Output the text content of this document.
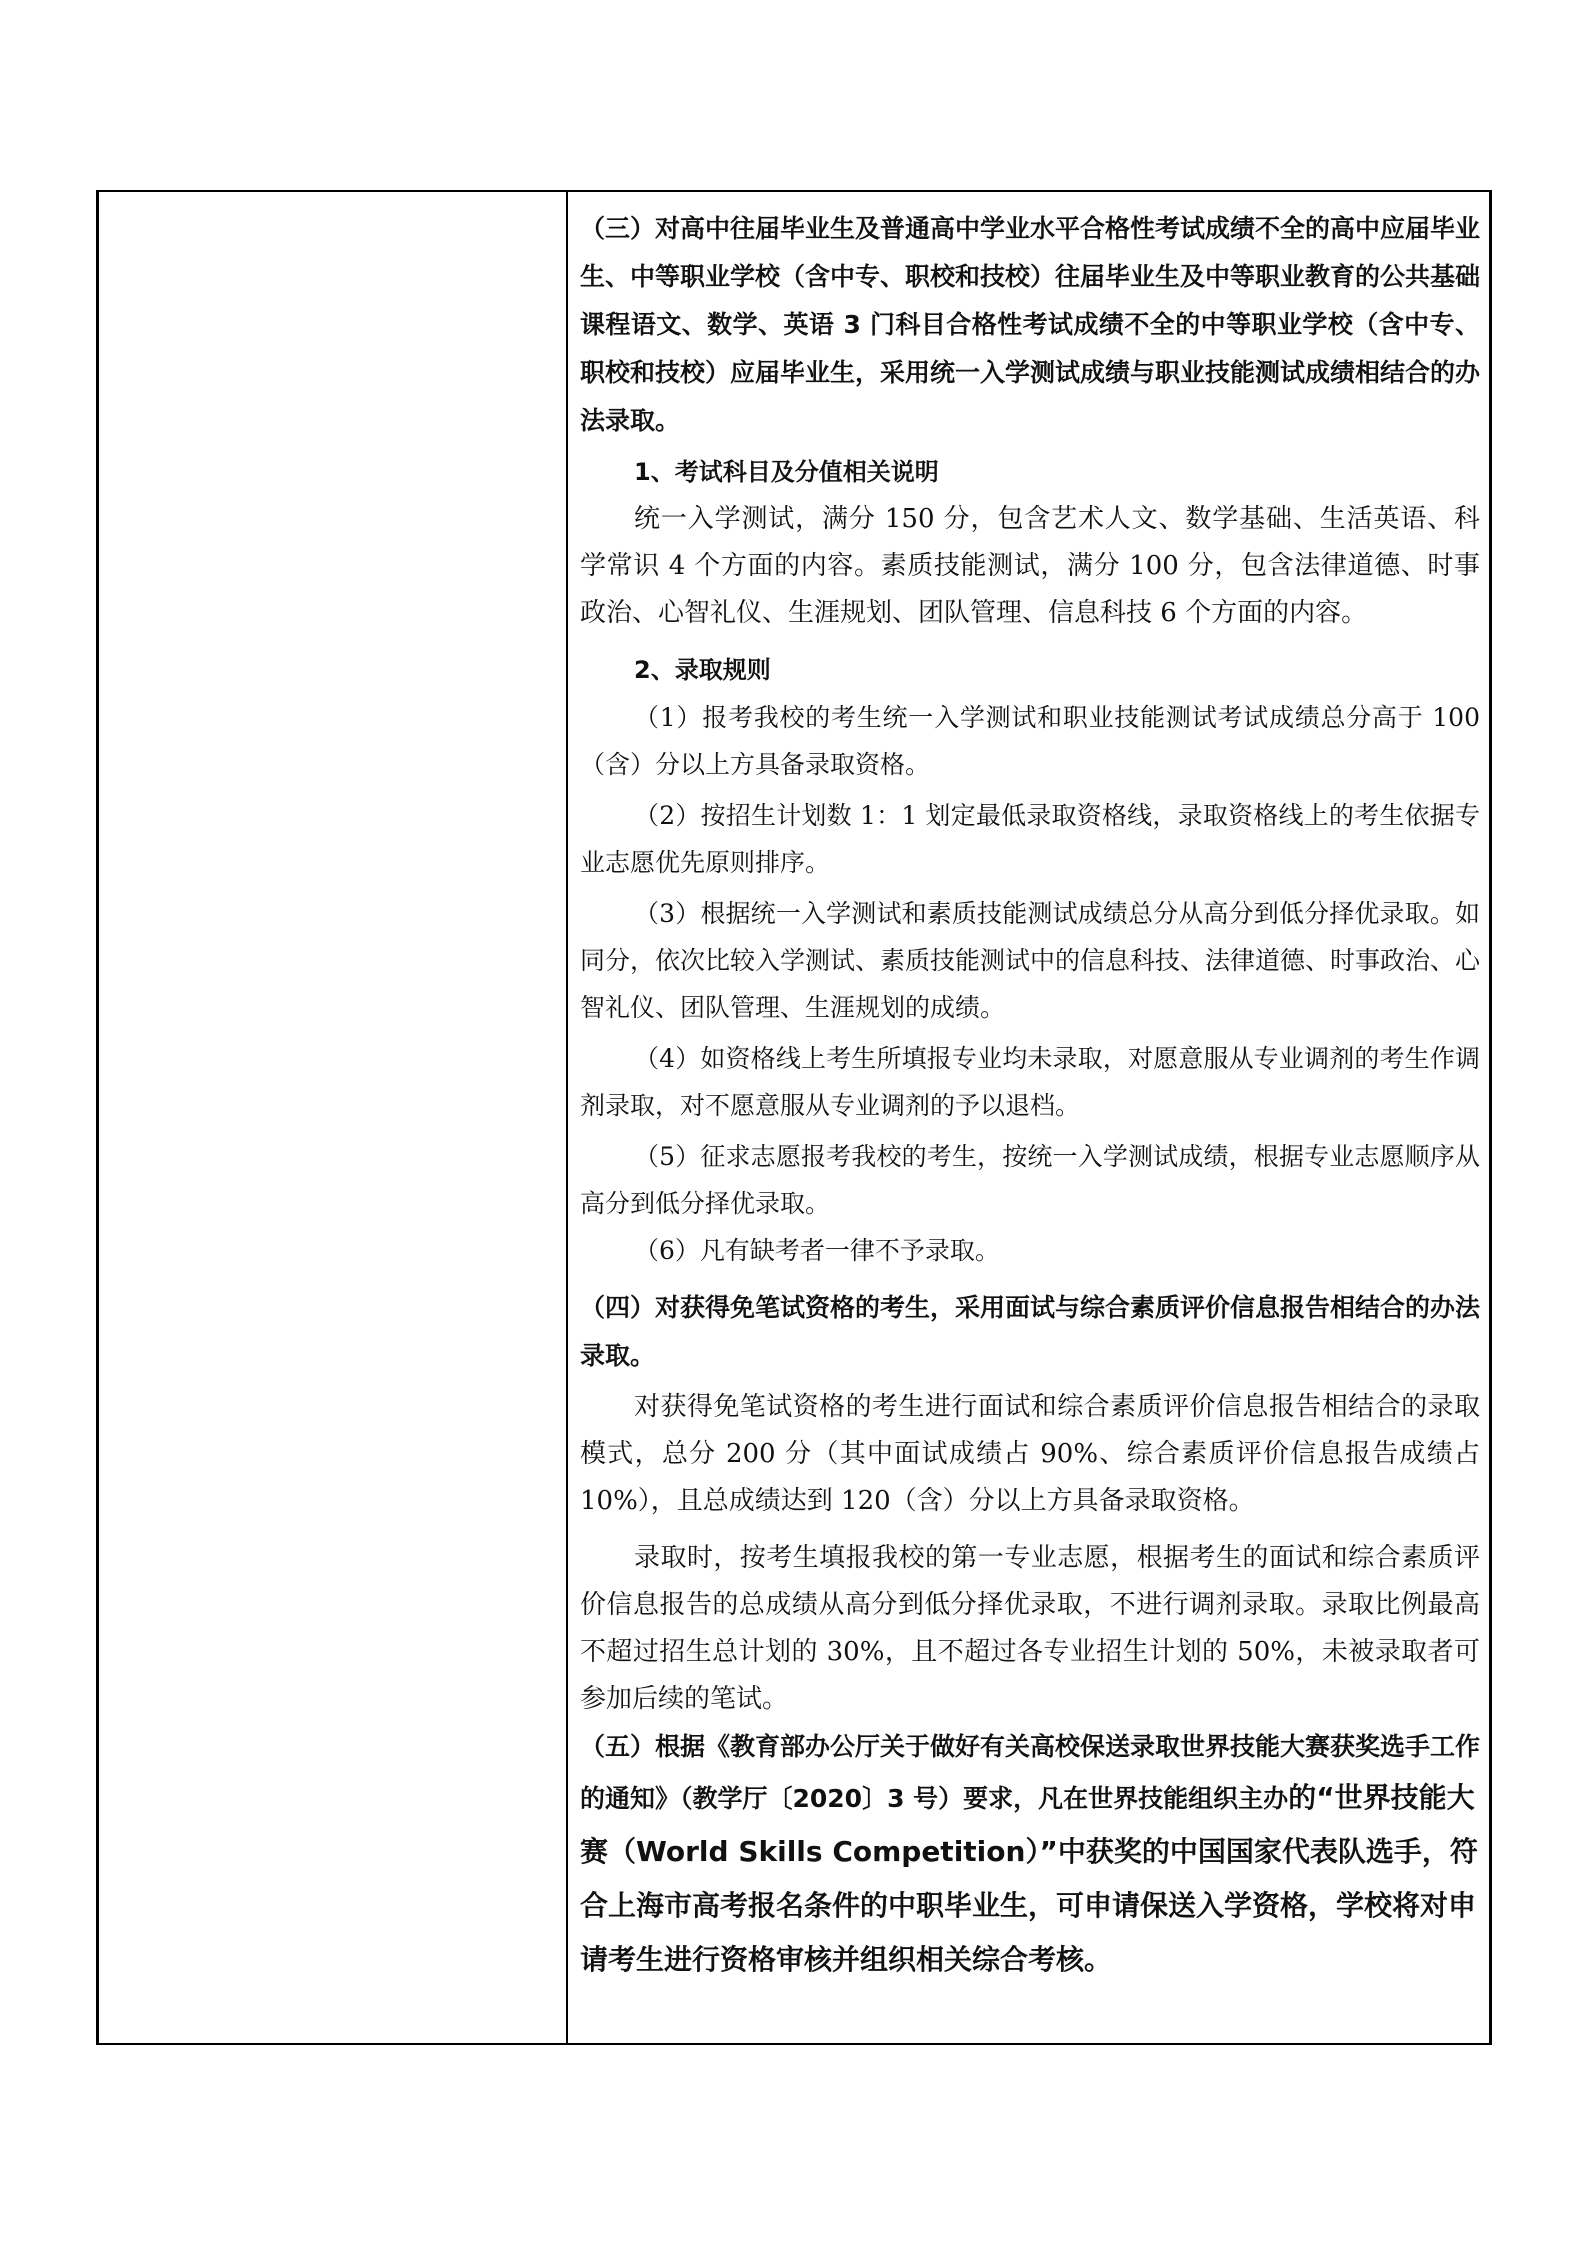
（三）对高中往届毕业生及普通高中学业水平合格性考试成绩不全的高中应届毕业生、中等职业学校（含中专、职校和技校）往届毕业生及中等职业教育的公共基础课程语文、数学、英语 3 门科目合格性考试成绩不全的中等职业学校（含中专、职校和技校）应届毕业生，采用统一入学测试成绩与职业技能测试成绩相结合的办法录取。

1、考试科目及分值相关说明

统一入学测试，满分 150 分，包含艺术人文、数学基础、生活英语、科学常识 4 个方面的内容。素质技能测试，满分 100 分，包含法律道德、时事政治、心智礼仪、生涯规划、团队管理、信息科技 6 个方面的内容。

2、录取规则

（1）报考我校的考生统一入学测试和职业技能测试考试成绩总分高于 100（含）分以上方具备录取资格。

（2）按招生计划数 1：1 划定最低录取资格线，录取资格线上的考生依据专业志愿优先原则排序。

（3）根据统一入学测试和素质技能测试成绩总分从高分到低分择优录取。如同分，依次比较入学测试、素质技能测试中的信息科技、法律道德、时事政治、心智礼仪、团队管理、生涯规划的成绩。

（4）如资格线上考生所填报专业均未录取，对愿意服从专业调剂的考生作调剂录取，对不愿意服从专业调剂的予以退档。

（5）征求志愿报考我校的考生，按统一入学测试成绩，根据专业志愿顺序从高分到低分择优录取。

（6）凡有缺考者一律不予录取。

（四）对获得免笔试资格的考生，采用面试与综合素质评价信息报告相结合的办法录取。

对获得免笔试资格的考生进行面试和综合素质评价信息报告相结合的录取模式，总分 200 分（其中面试成绩占 90%、综合素质评价信息报告成绩占 10%），且总成绩达到 120（含）分以上方具备录取资格。

录取时，按考生填报我校的第一专业志愿，根据考生的面试和综合素质评价信息报告的总成绩从高分到低分择优录取，不进行调剂录取。录取比例最高不超过招生总计划的 30%，且不超过各专业招生计划的 50%，未被录取者可参加后续的笔试。

（五）根据《教育部办公厅关于做好有关高校保送录取世界技能大赛获奖选手工作的通知》（教学厅〔2020〕3 号）要求，凡在世界技能组织主办

的“世界技能大赛（World Skills Competition）”中获奖的中国国家代表队选手，符合上海市高考报名条件的中职毕业生，可申请保送入学资格，学校将对申请考生进行资格审核并组织相关综合考核。
